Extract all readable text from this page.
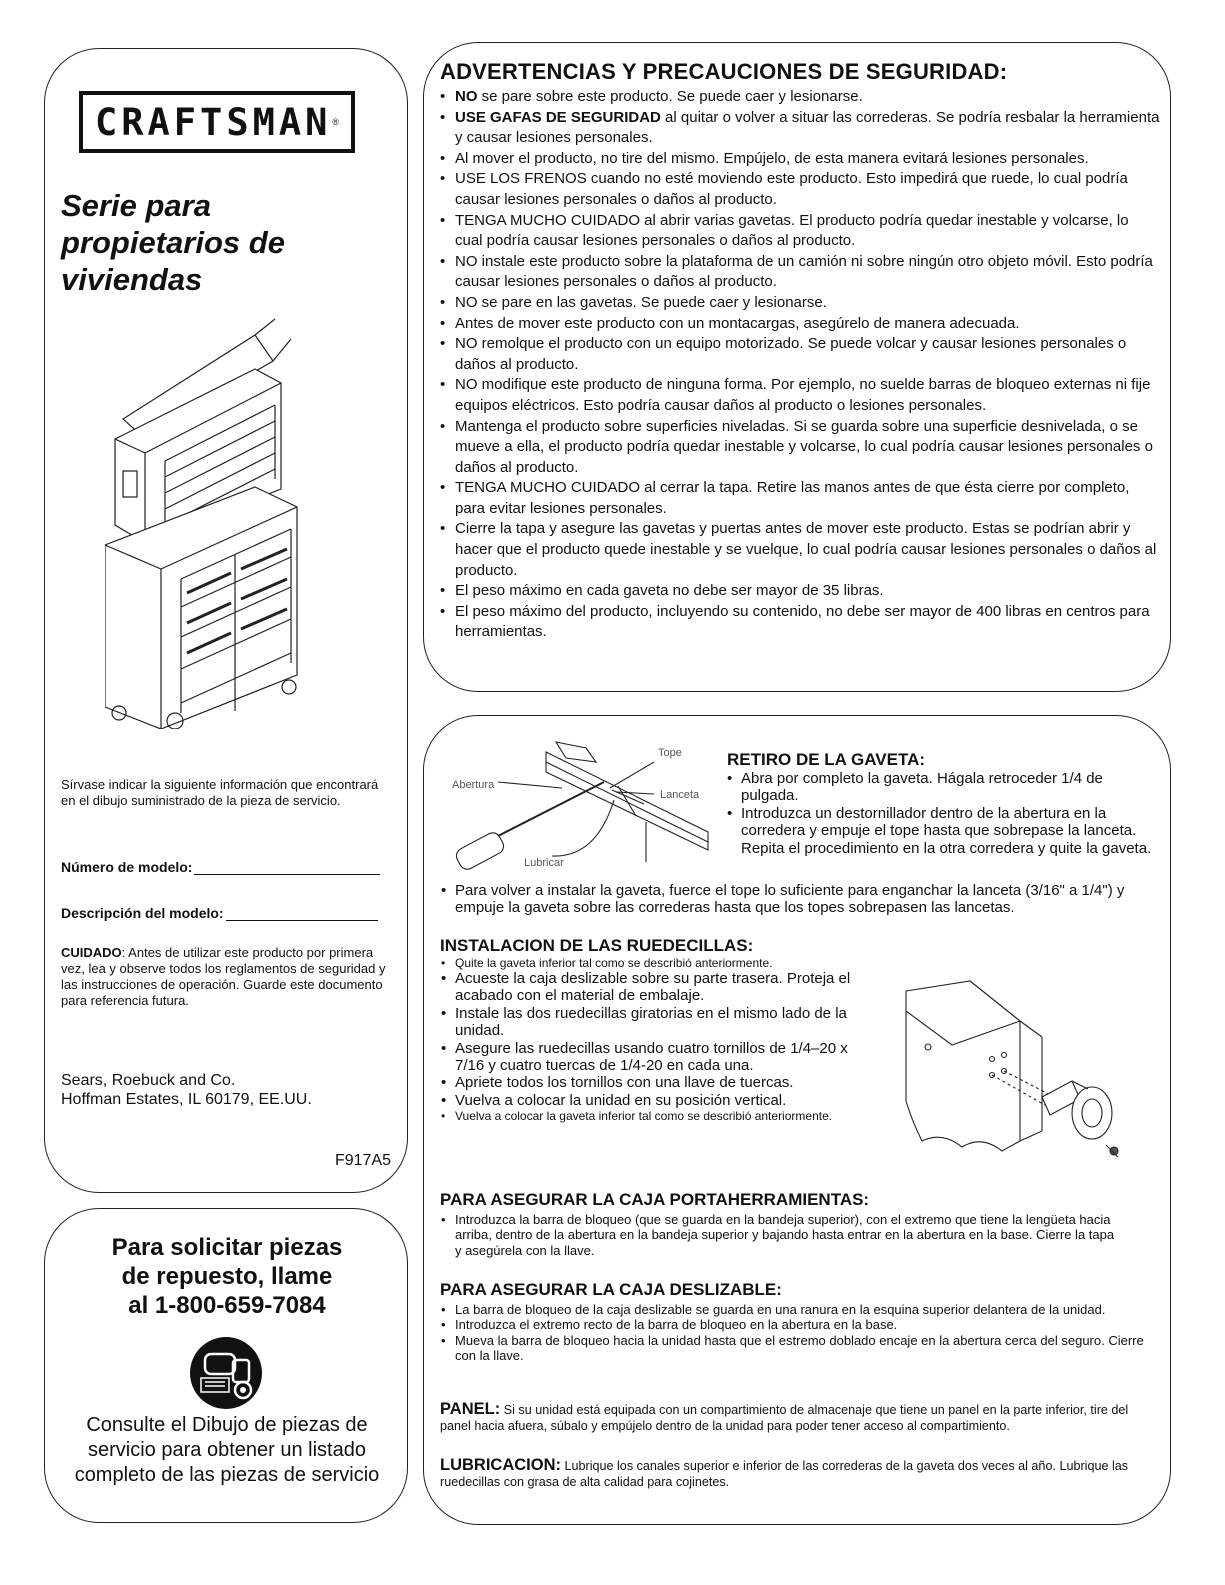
CRAFTSMAN ®
Serie para
propietarios de
viviendas
Sírvase indicar la siguiente información que encontrará en el dibujo suministrado de la pieza de servicio.
Número de modelo:
Descripción del modelo:
CUIDADO: Antes de utilizar este producto por primera vez, lea y observe todos los reglamentos de seguridad y las instrucciones de operación. Guarde este documento para referencia futura.
Sears, Roebuck and Co.
Hoffman Estates, IL 60179, EE.UU.
F917A5
Para solicitar piezas
de repuesto, llame
al 1-800-659-7084
Consulte el Dibujo de piezas de
servicio para obtener un listado
completo de las piezas de servicio
ADVERTENCIAS Y PRECAUCIONES DE SEGURIDAD:
• NO se pare sobre este producto. Se puede caer y lesionarse.
• USE GAFAS DE SEGURIDAD al quitar o volver a situar las correderas. Se podría resbalar la herramienta y causar lesiones personales.
• Al mover el producto, no tire del mismo. Empújelo, de esta manera evitará lesiones personales.
• USE LOS FRENOS cuando no esté moviendo este producto. Esto impedirá que ruede, lo cual podría causar lesiones personales o daños al producto.
• TENGA MUCHO CUIDADO al abrir varias gavetas. El producto podría quedar inestable y volcarse, lo cual podría causar lesiones personales o daños al producto.
• NO instale este producto sobre la plataforma de un camión ni sobre ningún otro objeto móvil. Esto podría causar lesiones personales o daños al producto.
• NO se pare en las gavetas. Se puede caer y lesionarse.
• Antes de mover este producto con un montacargas, asegúrelo de manera adecuada.
• NO remolque el producto con un equipo motorizado. Se puede volcar y causar lesiones personales o daños al producto.
• NO modifique este producto de ninguna forma. Por ejemplo, no suelde barras de bloqueo externas ni fije equipos eléctricos. Esto podría causar daños al producto o lesiones personales.
• Mantenga el producto sobre superficies niveladas. Si se guarda sobre una superficie desnivelada, o se mueve a ella, el producto podría quedar inestable y volcarse, lo cual podría causar lesiones personales o daños al producto.
• TENGA MUCHO CUIDADO al cerrar la tapa. Retire las manos antes de que ésta cierre por completo, para evitar lesiones personales.
• Cierre la tapa y asegure las gavetas y puertas antes de mover este producto. Estas se podrían abrir y hacer que el producto quede inestable y se vuelque, lo cual podría causar lesiones personales o daños al producto.
• El peso máximo en cada gaveta no debe ser mayor de 35 libras.
• El peso máximo del producto, incluyendo su contenido, no debe ser mayor de 400 libras en centros para herramientas.
Abertura
Tope
Lanceta
Lubricar
RETIRO DE LA GAVETA:
• Abra por completo la gaveta. Hágala retroceder 1/4 de pulgada.
• Introduzca un destornillador dentro de la abertura en la corredera y empuje el tope hasta que sobrepase la lanceta. Repita el procedimiento en la otra corredera y quite la gaveta.
• Para volver a instalar la gaveta, fuerce el tope lo suficiente para enganchar la lanceta (3/16" a 1/4") y empuje la gaveta sobre las correderas hasta que los topes sobrepasen las lancetas.
INSTALACION DE LAS RUEDECILLAS:
• Quite la gaveta inferior tal como se describió anteriormente.
• Acueste la caja deslizable sobre su parte trasera. Proteja el acabado con el material de embalaje.
• Instale las dos ruedecillas giratorias en el mismo lado de la unidad.
• Asegure las ruedecillas usando cuatro tornillos de 1/4–20 x 7/16 y cuatro tuercas de 1/4-20 en cada una.
• Apriete todos los tornillos con una llave de tuercas.
• Vuelva a colocar la unidad en su posición vertical.
• Vuelva a colocar la gaveta inferior tal como se describió anteriormente.
PARA ASEGURAR LA CAJA PORTAHERRAMIENTAS:
• Introduzca la barra de bloqueo (que se guarda en la bandeja superior), con el extremo que tiene la lengüeta hacia arriba, dentro de la abertura en la bandeja superior y bajando hasta entrar en la abertura en la base. Cierre la tapa y asegúrela con la llave.
PARA ASEGURAR LA CAJA DESLIZABLE:
• La barra de bloqueo de la caja deslizable se guarda en una ranura en la esquina superior delantera de la unidad.
• Introduzca el extremo recto de la barra de bloqueo en la abertura en la base.
• Mueva la barra de bloqueo hacia la unidad hasta que el estremo doblado encaje en la abertura cerca del seguro. Cierre con la llave.
PANEL: Si su unidad está equipada con un compartimiento de almacenaje que tiene un panel en la parte inferior, tire del panel hacia afuera, súbalo y empújelo dentro de la unidad para poder tener acceso al compartimiento.
LUBRICACION: Lubrique los canales superior e inferior de las correderas de la gaveta dos veces al año. Lubrique las ruedecillas con grasa de alta calidad para cojinetes.
